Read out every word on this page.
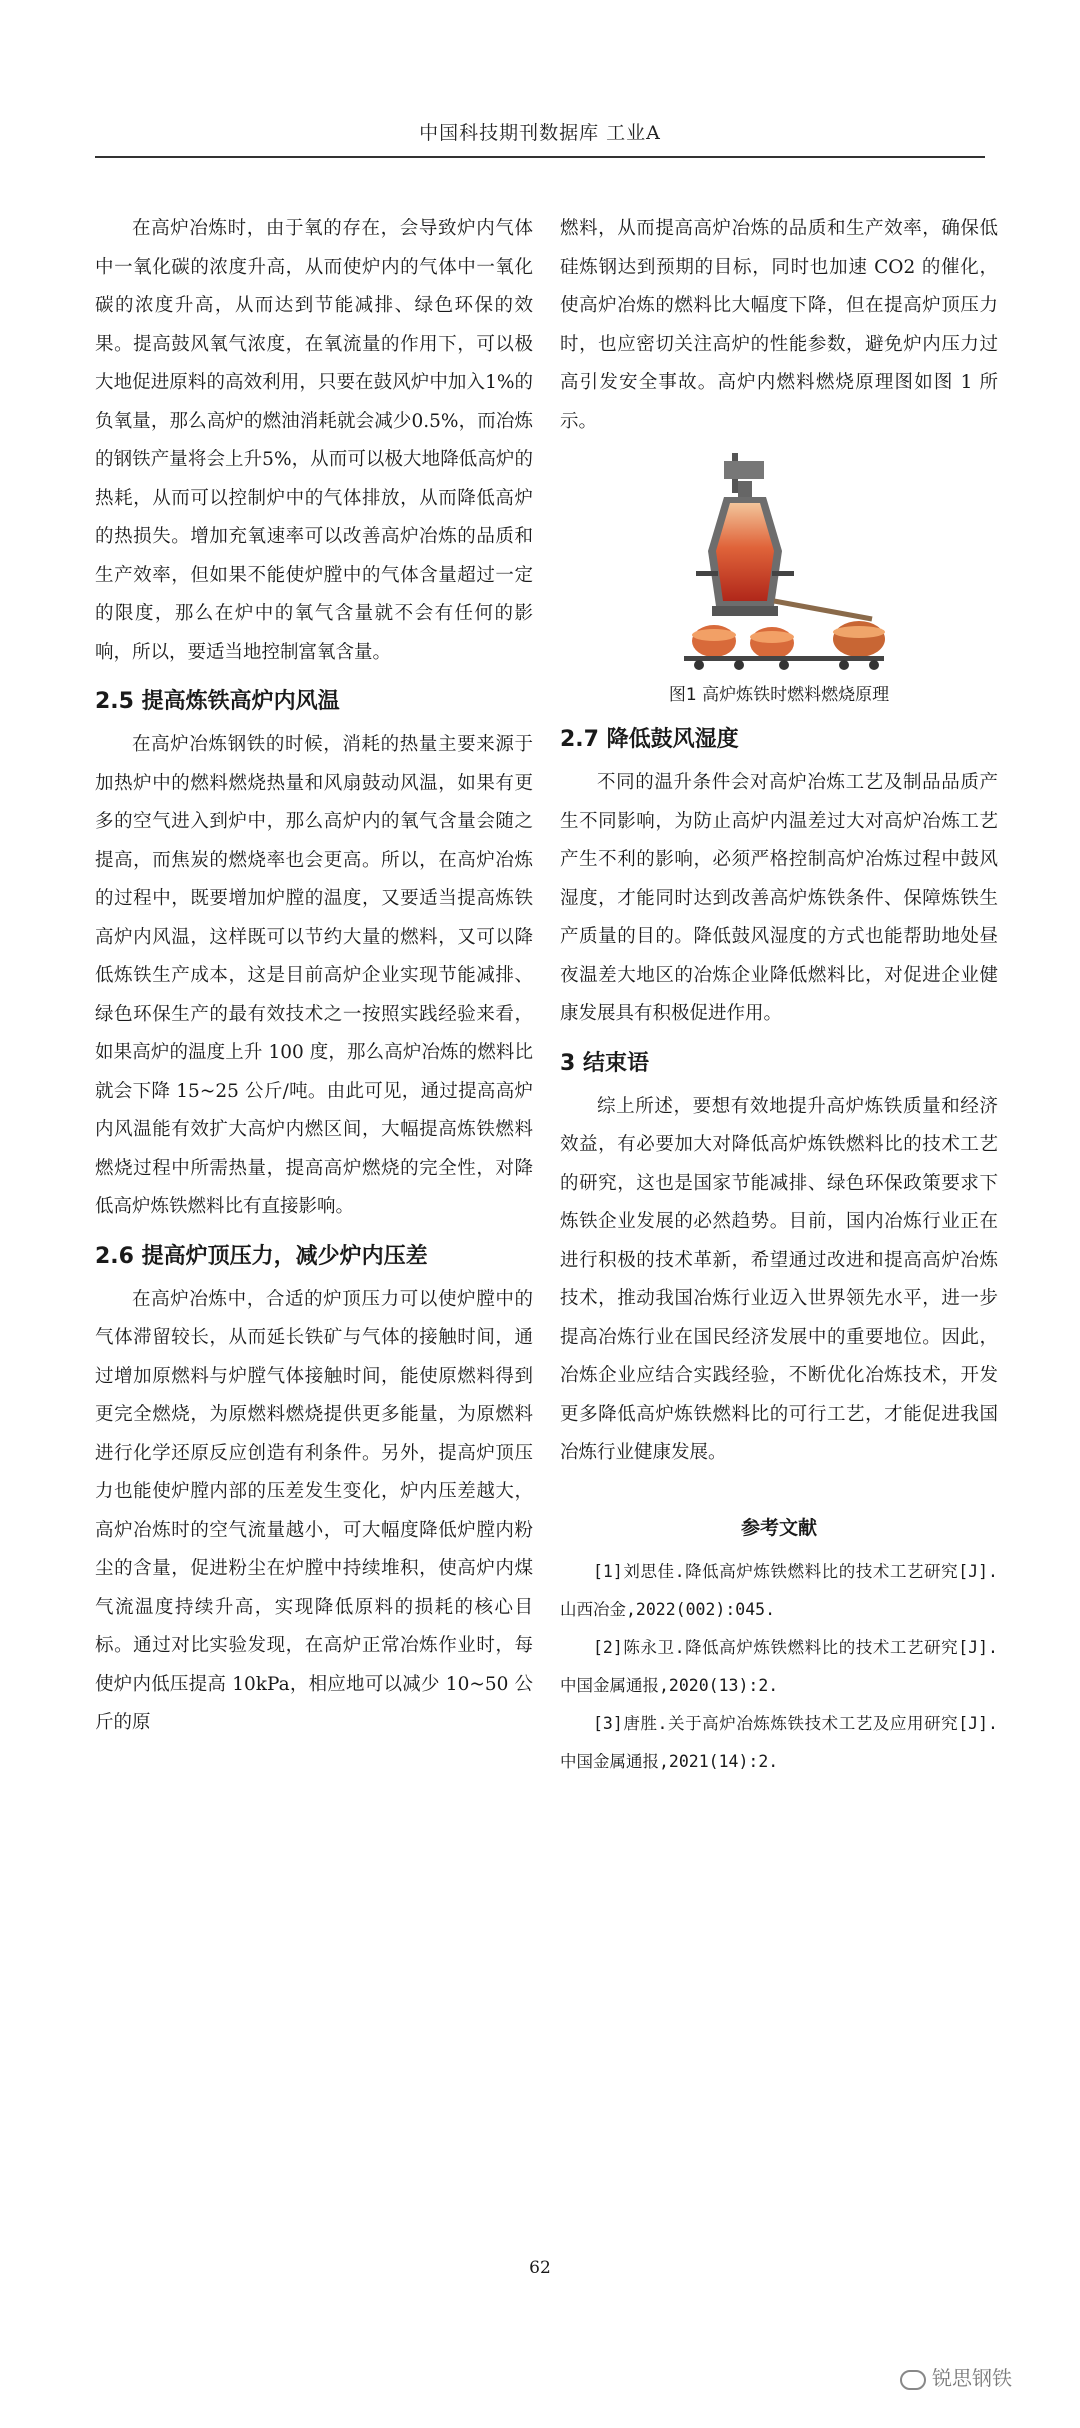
中国科技期刊数据库 工业A

在高炉冶炼时，由于氧的存在，会导致炉内气体中一氧化碳的浓度升高，从而使炉内的气体中一氧化碳的浓度升高，从而达到节能减排、绿色环保的效果。提高鼓风氧气浓度，在氧流量的作用下，可以极大地促进原料的高效利用，只要在鼓风炉中加入1%的负氧量，那么高炉的燃油消耗就会减少0.5%，而冶炼的钢铁产量将会上升5%，从而可以极大地降低高炉的热耗，从而可以控制炉中的气体排放，从而降低高炉的热损失。增加充氧速率可以改善高炉冶炼的品质和生产效率，但如果不能使炉膛中的气体含量超过一定的限度，那么在炉中的氧气含量就不会有任何的影响，所以，要适当地控制富氧含量。

2.5 提高炼铁高炉内风温

在高炉冶炼钢铁的时候，消耗的热量主要来源于加热炉中的燃料燃烧热量和风扇鼓动风温，如果有更多的空气进入到炉中，那么高炉内的氧气含量会随之提高，而焦炭的燃烧率也会更高。所以，在高炉冶炼的过程中，既要增加炉膛的温度，又要适当提高炼铁高炉内风温，这样既可以节约大量的燃料，又可以降低炼铁生产成本，这是目前高炉企业实现节能减排、绿色环保生产的最有效技术之一按照实践经验来看，如果高炉的温度上升 100 度，那么高炉冶炼的燃料比就会下降 15~25 公斤/吨。由此可见，通过提高高炉内风温能有效扩大高炉内燃区间，大幅提高炼铁燃料燃烧过程中所需热量，提高高炉燃烧的完全性，对降低高炉炼铁燃料比有直接影响。

2.6 提高炉顶压力，减少炉内压差

在高炉冶炼中，合适的炉顶压力可以使炉膛中的气体滞留较长，从而延长铁矿与气体的接触时间，通过增加原燃料与炉膛气体接触时间，能使原燃料得到更完全燃烧，为原燃料燃烧提供更多能量，为原燃料进行化学还原反应创造有利条件。另外，提高炉顶压力也能使炉膛内部的压差发生变化，炉内压差越大，高炉冶炼时的空气流量越小，可大幅度降低炉膛内粉尘的含量，促进粉尘在炉膛中持续堆积，使高炉内煤气流温度持续升高，实现降低原料的损耗的核心目标。通过对比实验发现，在高炉正常冶炼作业时，每使炉内低压提高 10kPa，相应地可以减少 10~50 公斤的原

燃料，从而提高高炉冶炼的品质和生产效率，确保低硅炼钢达到预期的目标，同时也加速 CO2 的催化，使高炉冶炼的燃料比大幅度下降，但在提高炉顶压力时，也应密切关注高炉的性能参数，避免炉内压力过高引发安全事故。高炉内燃料燃烧原理图如图 1 所示。

图1 高炉炼铁时燃料燃烧原理
2.7 降低鼓风湿度

不同的温升条件会对高炉冶炼工艺及制品品质产生不同影响，为防止高炉内温差过大对高炉冶炼工艺产生不利的影响，必须严格控制高炉冶炼过程中鼓风湿度，才能同时达到改善高炉炼铁条件、保障炼铁生产质量的目的。降低鼓风湿度的方式也能帮助地处昼夜温差大地区的冶炼企业降低燃料比，对促进企业健康发展具有积极促进作用。

3 结束语

综上所述，要想有效地提升高炉炼铁质量和经济效益，有必要加大对降低高炉炼铁燃料比的技术工艺的研究，这也是国家节能减排、绿色环保政策要求下炼铁企业发展的必然趋势。目前，国内冶炼行业正在进行积极的技术革新，希望通过改进和提高高炉冶炼技术，推动我国冶炼行业迈入世界领先水平，进一步提高冶炼行业在国民经济发展中的重要地位。因此，冶炼企业应结合实践经验，不断优化冶炼技术，开发更多降低高炉炼铁燃料比的可行工艺，才能促进我国冶炼行业健康发展。

参考文献

[1]刘思佳.降低高炉炼铁燃料比的技术工艺研究[J].山西冶金,2022(002):045.

[2]陈永卫.降低高炉炼铁燃料比的技术工艺研究[J].中国金属通报,2020(13):2.

[3]唐胜.关于高炉冶炼炼铁技术工艺及应用研究[J].中国金属通报,2021(14):2.

62
锐思钢铁
